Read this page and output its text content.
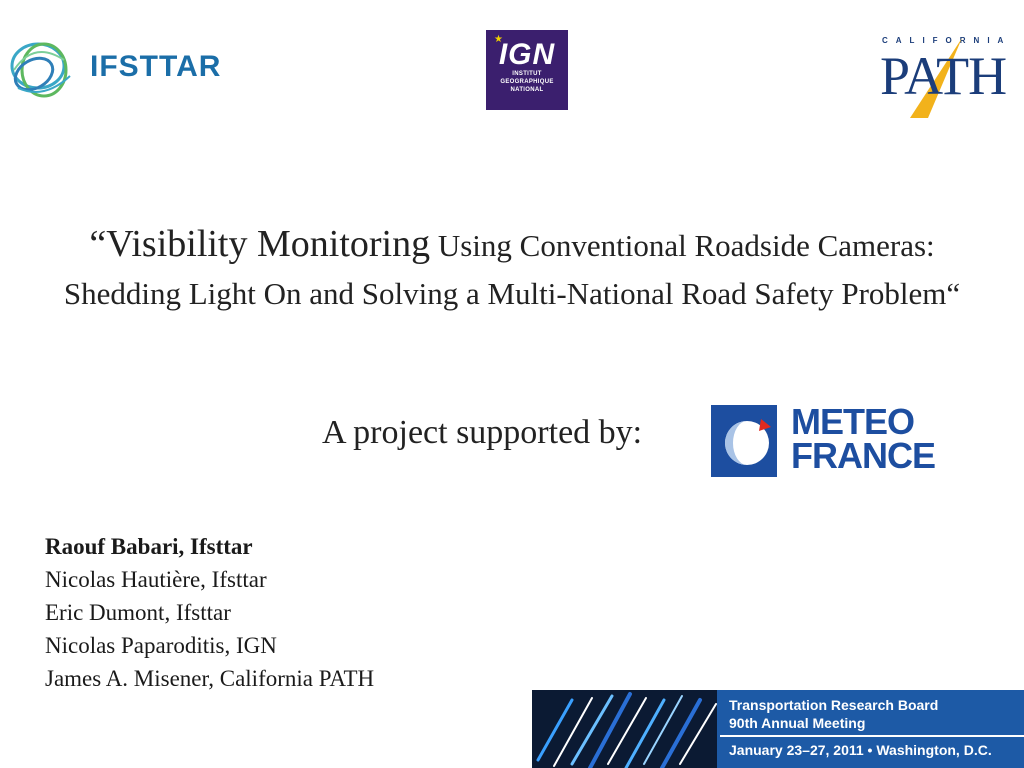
IFSTTAR
★
IGN
INSTITUT
GEOGRAPHIQUE
NATIONAL
CALIFORNIA
PATH
“Visibility Monitoring Using Conventional Roadside Cameras: Shedding Light On and Solving a Multi-National Road Safety Problem“
A project supported by:	METEO
FRANCE
Raouf Babari, Ifsttar
Nicolas Hautière, Ifsttar
Eric Dumont, Ifsttar
Nicolas Paparoditis, IGN
James A. Misener, California PATH
Transportation Research Board
90th Annual Meeting
January 23–27, 2011 • Washington, D.C.
